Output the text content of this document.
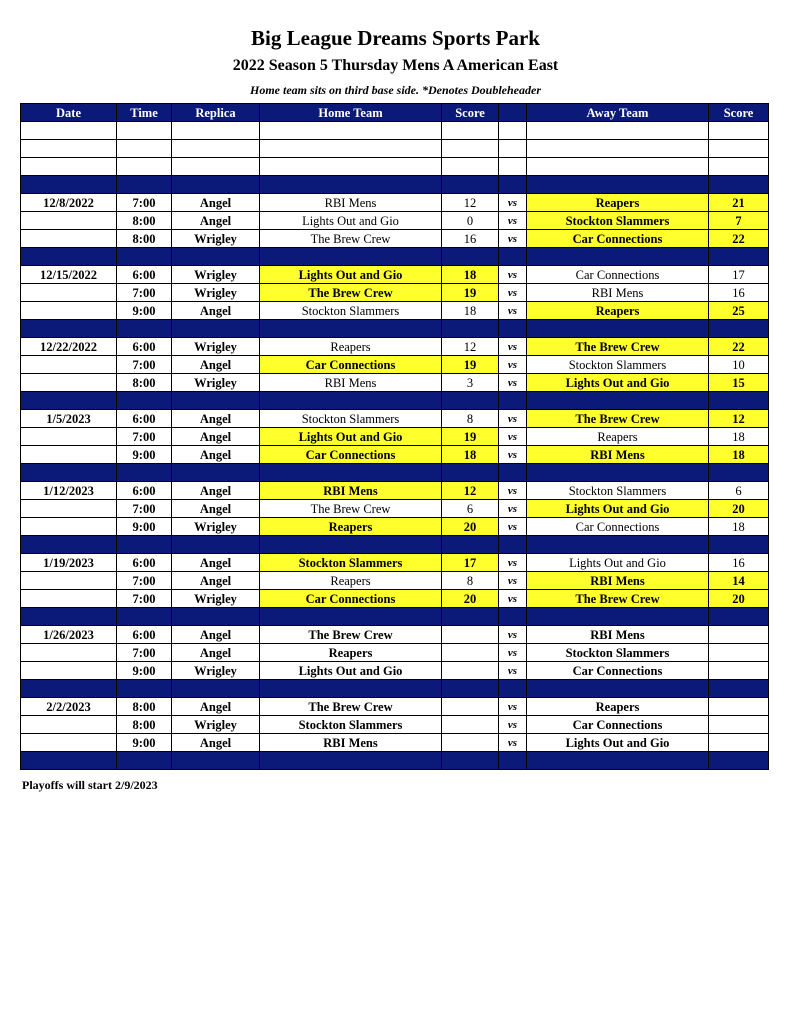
Big League Dreams Sports Park
2022 Season 5 Thursday Mens A American East
Home team sits on third base side. *Denotes Doubleheader
Date	Time	Replica	Home Team	Score		Away Team	Score

12/8/2022	7:00	Angel	RBI Mens	12	vs	Reapers	21
	8:00	Angel	Lights Out and Gio	0	vs	Stockton Slammers	7
	8:00	Wrigley	The Brew Crew	16	vs	Car Connections	22

12/15/2022	6:00	Wrigley	Lights Out and Gio	18	vs	Car Connections	17
	7:00	Wrigley	The Brew Crew	19	vs	RBI Mens	16
	9:00	Angel	Stockton Slammers	18	vs	Reapers	25

12/22/2022	6:00	Wrigley	Reapers	12	vs	The Brew Crew	22
	7:00	Angel	Car Connections	19	vs	Stockton Slammers	10
	8:00	Wrigley	RBI Mens	3	vs	Lights Out and Gio	15

1/5/2023	6:00	Angel	Stockton Slammers	8	vs	The Brew Crew	12
	7:00	Angel	Lights Out and Gio	19	vs	Reapers	18
	9:00	Angel	Car Connections	18	vs	RBI Mens	18

1/12/2023	6:00	Angel	RBI Mens	12	vs	Stockton Slammers	6
	7:00	Angel	The Brew Crew	6	vs	Lights Out and Gio	20
	9:00	Wrigley	Reapers	20	vs	Car Connections	18

1/19/2023	6:00	Angel	Stockton Slammers	17	vs	Lights Out and Gio	16
	7:00	Angel	Reapers	8	vs	RBI Mens	14
	7:00	Wrigley	Car Connections	20	vs	The Brew Crew	20

1/26/2023	6:00	Angel	The Brew Crew		vs	RBI Mens	
	7:00	Angel	Reapers		vs	Stockton Slammers	
	9:00	Wrigley	Lights Out and Gio		vs	Car Connections	

2/2/2023	8:00	Angel	The Brew Crew		vs	Reapers	
	8:00	Wrigley	Stockton Slammers		vs	Car Connections	
	9:00	Angel	RBI Mens		vs	Lights Out and Gio	

Playoffs will start 2/9/2023
